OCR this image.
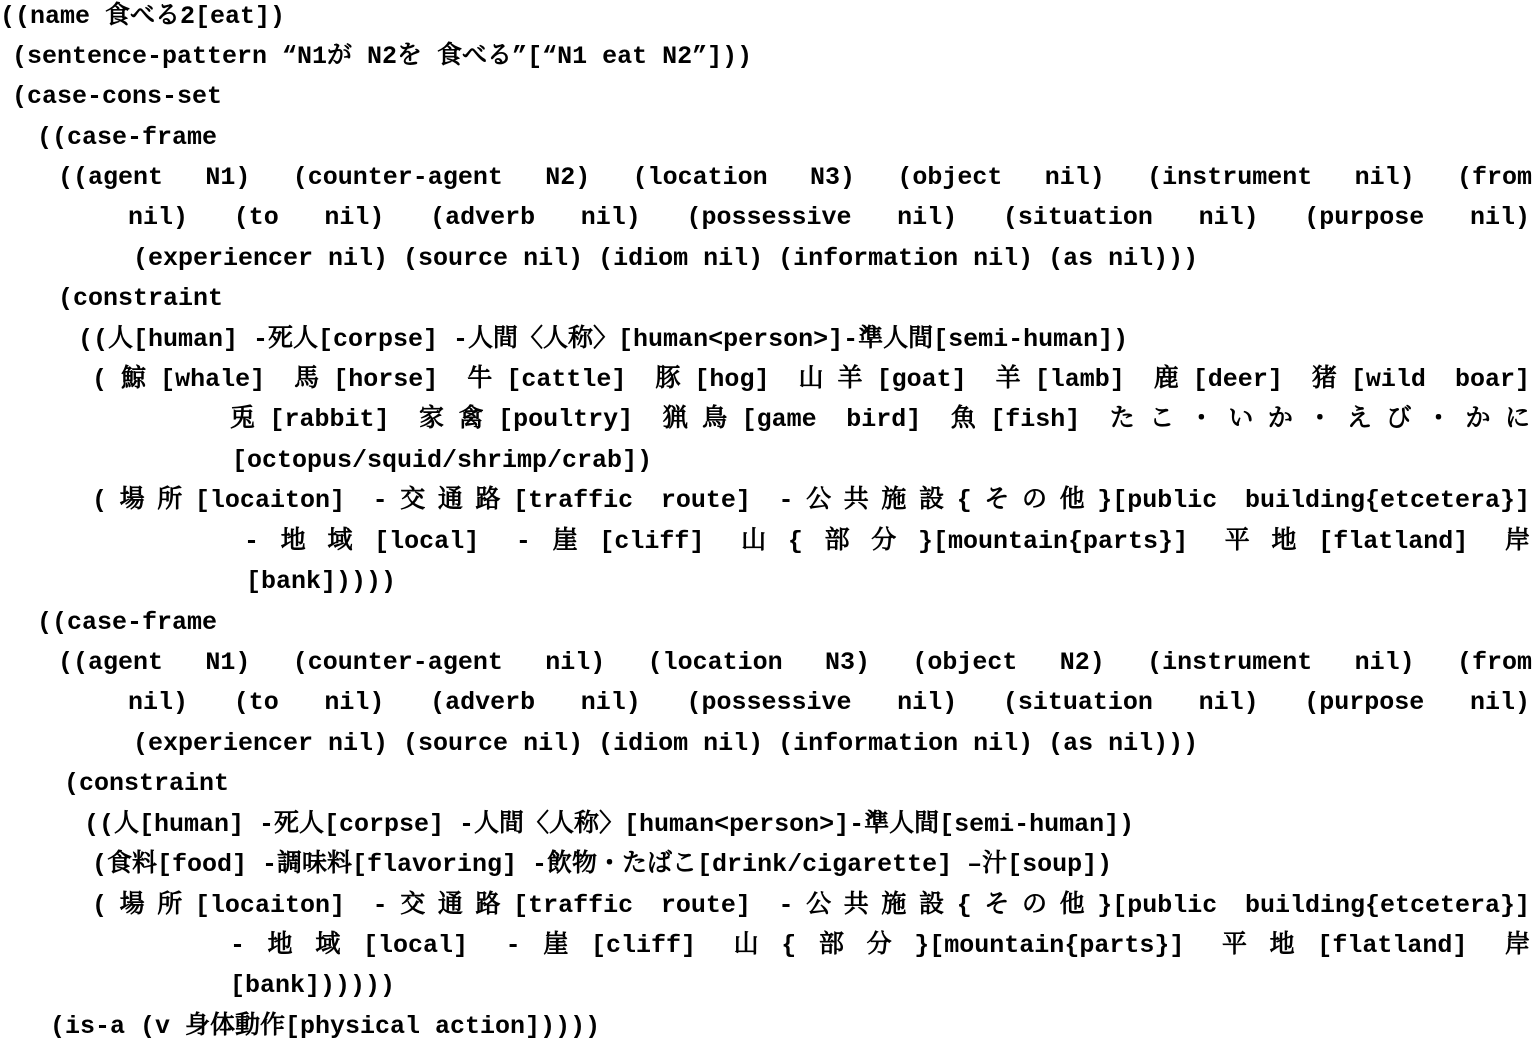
((name 食べる2[eat])
(sentence-pattern “N1が N2を 食べる”[“N1 eat N2”]))
(case-cons-set
((case-frame
((agent N1) (counter-agent N2) (location N3) (object nil) (instrument nil) (from
nil) (to nil) (adverb nil) (possessive nil) (situation nil) (purpose nil)
(experiencer nil) (source nil) (idiom nil) (information nil) (as nil)))
(constraint
((人[human] -死人[corpse] -人間〈人称〉[human<person>]-準人間[semi-human])
(鯨[whale] 馬[horse] 牛[cattle] 豚[hog] 山羊[goat] 羊[lamb] 鹿[deer] 猪[wild boar]
兎[rabbit] 家禽[poultry] 猟鳥[game bird] 魚[fish] たこ・いか・えび・かに
[octopus/squid/shrimp/crab])
(場所[locaiton] -交通路[traffic route] -公共施設{その他}[public building{etcetera}]
-地域[local] -崖[cliff] 山{部分}[mountain{parts}] 平地[flatland] 岸
[bank]))))
((case-frame
((agent N1) (counter-agent nil) (location N3) (object N2) (instrument nil) (from
nil) (to nil) (adverb nil) (possessive nil) (situation nil) (purpose nil)
(experiencer nil) (source nil) (idiom nil) (information nil) (as nil)))
(constraint
((人[human] -死人[corpse] -人間〈人称〉[human<person>]-準人間[semi-human])
(食料[food] -調味料[flavoring] -飲物・たばこ[drink/cigarette] –汁[soup])
(場所[locaiton] -交通路[traffic route] -公共施設{その他}[public building{etcetera}]
-地域[local] -崖[cliff] 山{部分}[mountain{parts}] 平地[flatland] 岸
[bank])))))
(is-a (v 身体動作[physical action]))))
